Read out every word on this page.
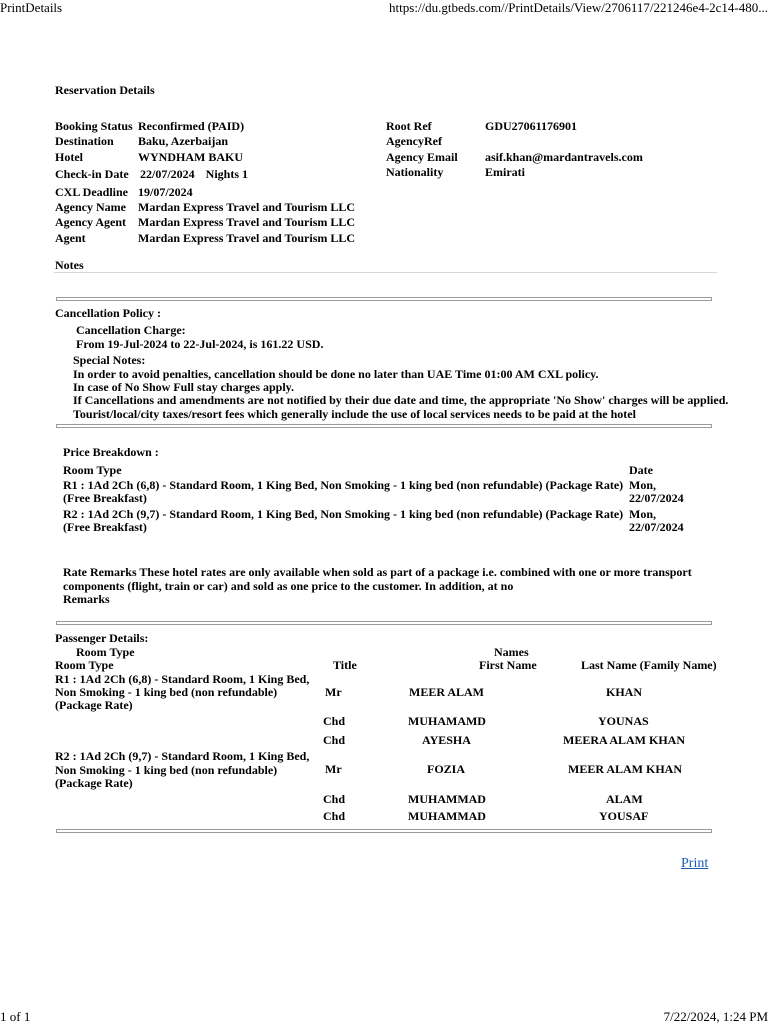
PrintDetails	https://du.gtbeds.com//PrintDetails/View/2706117/221246e4-2c14-480...
1 of 1	7/22/2024, 1:24 PM
Reservation Details
Booking Status	Reconfirmed (PAID)
Destination	Baku, Azerbaijan
Hotel	WYNDHAM BAKU
Check-in Date	22/07/2024 Nights 1
CXL Deadline	19/07/2024
Agency Name	Mardan Express Travel and Tourism LLC
Agency Agent	Mardan Express Travel and Tourism LLC
Agent	Mardan Express Travel and Tourism LLC
Root Ref	GDU27061176901
AgencyRef	
Agency Email	asif.khan@mardantravels.com
Nationality	Emirati
Notes
Cancellation Policy :
Cancellation Charge:
From 19-Jul-2024 to 22-Jul-2024, is 161.22 USD.
Special Notes:
In order to avoid penalties, cancellation should be done no later than UAE Time 01:00 AM CXL policy.
In case of No Show Full stay charges apply.
If Cancellations and amendments are not notified by their due date and time, the appropriate 'No Show' charges will be applied.
Tourist/local/city taxes/resort fees which generally include the use of local services needs to be paid at the hotel
Price Breakdown :
Room Type	Date
R1 : 1Ad 2Ch (6,8) - Standard Room, 1 King Bed, Non Smoking - 1 king bed (non refundable) (Package Rate)
(Free Breakfast)
Mon,
22/07/2024
R2 : 1Ad 2Ch (9,7) - Standard Room, 1 King Bed, Non Smoking - 1 king bed (non refundable) (Package Rate)
(Free Breakfast)
Mon,
22/07/2024
Rate Remarks These hotel rates are only available when sold as part of a package i.e. combined with one or more transport
components (flight, train or car) and sold as one price to the customer. In addition, at no
Remarks
Passenger Details:
Room Type	Names
Room Type	Title	First Name	Last Name (Family Name)
R1 : 1Ad 2Ch (6,8) - Standard Room, 1 King Bed,
Non Smoking - 1 king bed (non refundable)
(Package Rate)
Mr	MEER ALAM	KHAN
Chd	MUHAMAMD	YOUNAS
Chd	AYESHA	MEERA ALAM KHAN
R2 : 1Ad 2Ch (9,7) - Standard Room, 1 King Bed,
Non Smoking - 1 king bed (non refundable)
(Package Rate)
Mr	FOZIA	MEER ALAM KHAN
Chd	MUHAMMAD	ALAM
Chd	MUHAMMAD	YOUSAF
Print
